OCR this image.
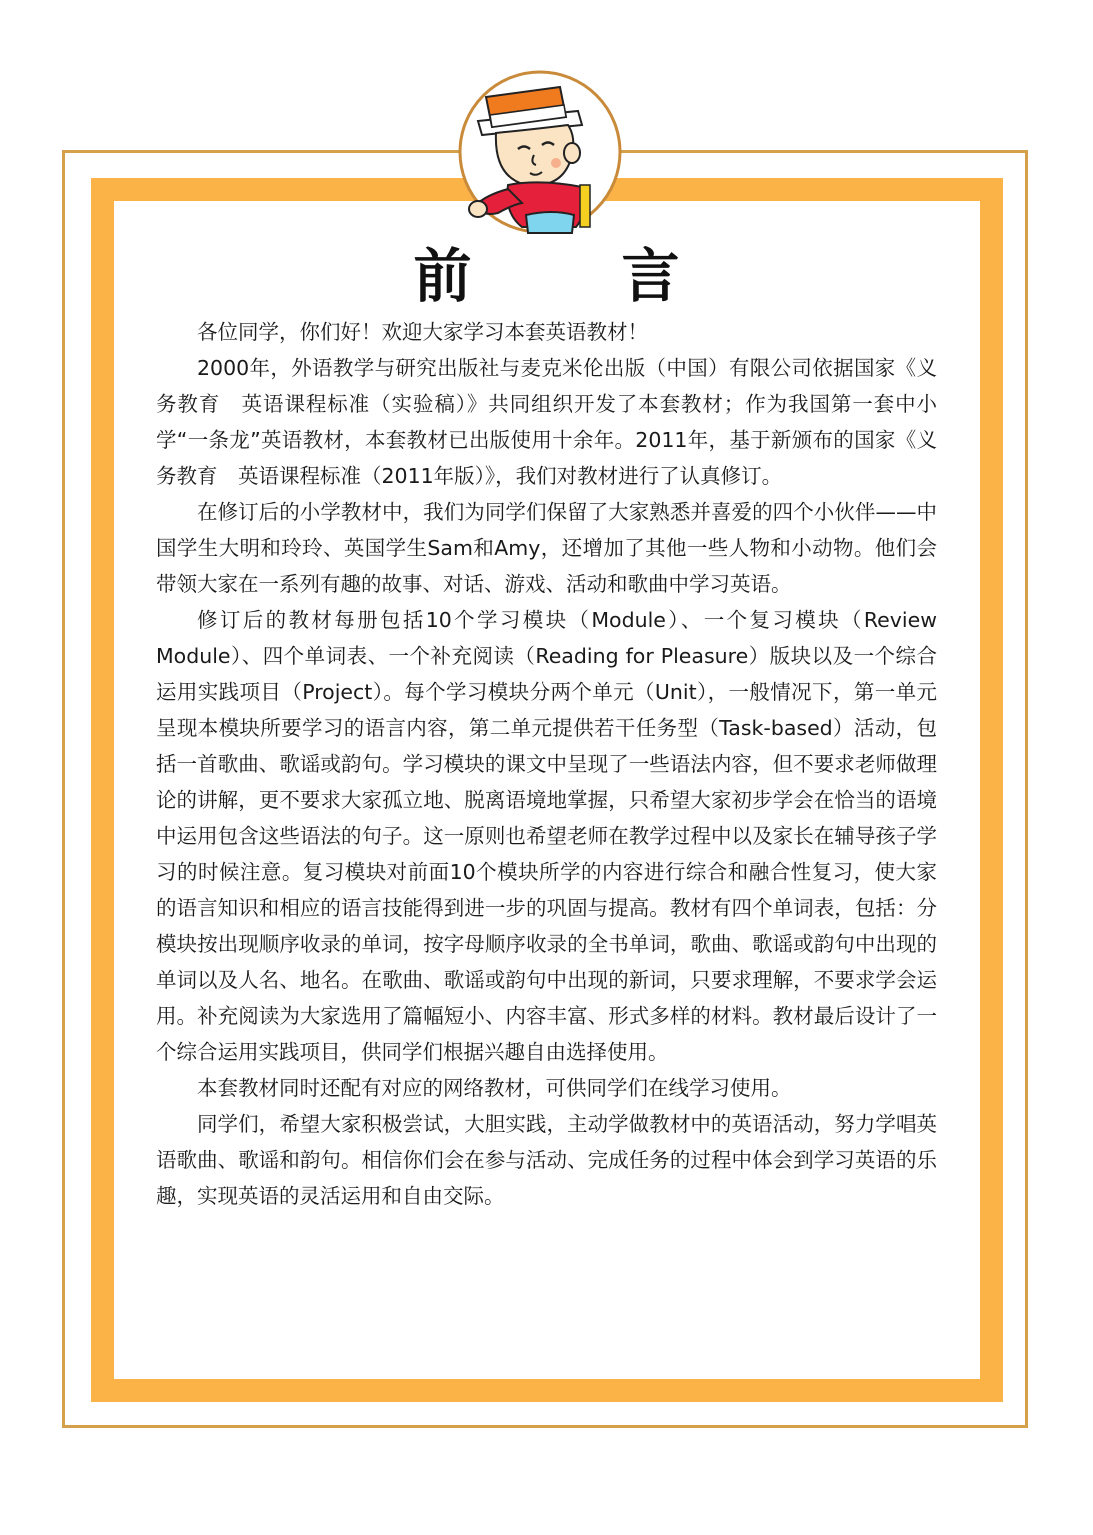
前	言

各位同学，你们好！欢迎大家学习本套英语教材！

2000年，外语教学与研究出版社与麦克米伦出版（中国）有限公司依据国家《义务教育　英语课程标准（实验稿）》共同组织开发了本套教材；作为我国第一套中小学“一条龙”英语教材，本套教材已出版使用十余年。2011年，基于新颁布的国家《义务教育　英语课程标准（2011年版）》，我们对教材进行了认真修订。

在修订后的小学教材中，我们为同学们保留了大家熟悉并喜爱的四个小伙伴——中国学生大明和玲玲、英国学生Sam和Amy，还增加了其他一些人物和小动物。他们会带领大家在一系列有趣的故事、对话、游戏、活动和歌曲中学习英语。

修订后的教材每册包括10个学习模块（Module）、一个复习模块（Review Module）、四个单词表、一个补充阅读（Reading for Pleasure）版块以及一个综合运用实践项目（Project）。每个学习模块分两个单元（Unit），一般情况下，第一单元呈现本模块所要学习的语言内容，第二单元提供若干任务型（Task-based）活动，包括一首歌曲、歌谣或韵句。学习模块的课文中呈现了一些语法内容，但不要求老师做理论的讲解，更不要求大家孤立地、脱离语境地掌握，只希望大家初步学会在恰当的语境中运用包含这些语法的句子。这一原则也希望老师在教学过程中以及家长在辅导孩子学习的时候注意。复习模块对前面10个模块所学的内容进行综合和融合性复习，使大家的语言知识和相应的语言技能得到进一步的巩固与提高。教材有四个单词表，包括：分模块按出现顺序收录的单词，按字母顺序收录的全书单词，歌曲、歌谣或韵句中出现的单词以及人名、地名。在歌曲、歌谣或韵句中出现的新词，只要求理解，不要求学会运用。补充阅读为大家选用了篇幅短小、内容丰富、形式多样的材料。教材最后设计了一个综合运用实践项目，供同学们根据兴趣自由选择使用。

本套教材同时还配有对应的网络教材，可供同学们在线学习使用。

同学们，希望大家积极尝试，大胆实践，主动学做教材中的英语活动，努力学唱英语歌曲、歌谣和韵句。相信你们会在参与活动、完成任务的过程中体会到学习英语的乐趣，实现英语的灵活运用和自由交际。
